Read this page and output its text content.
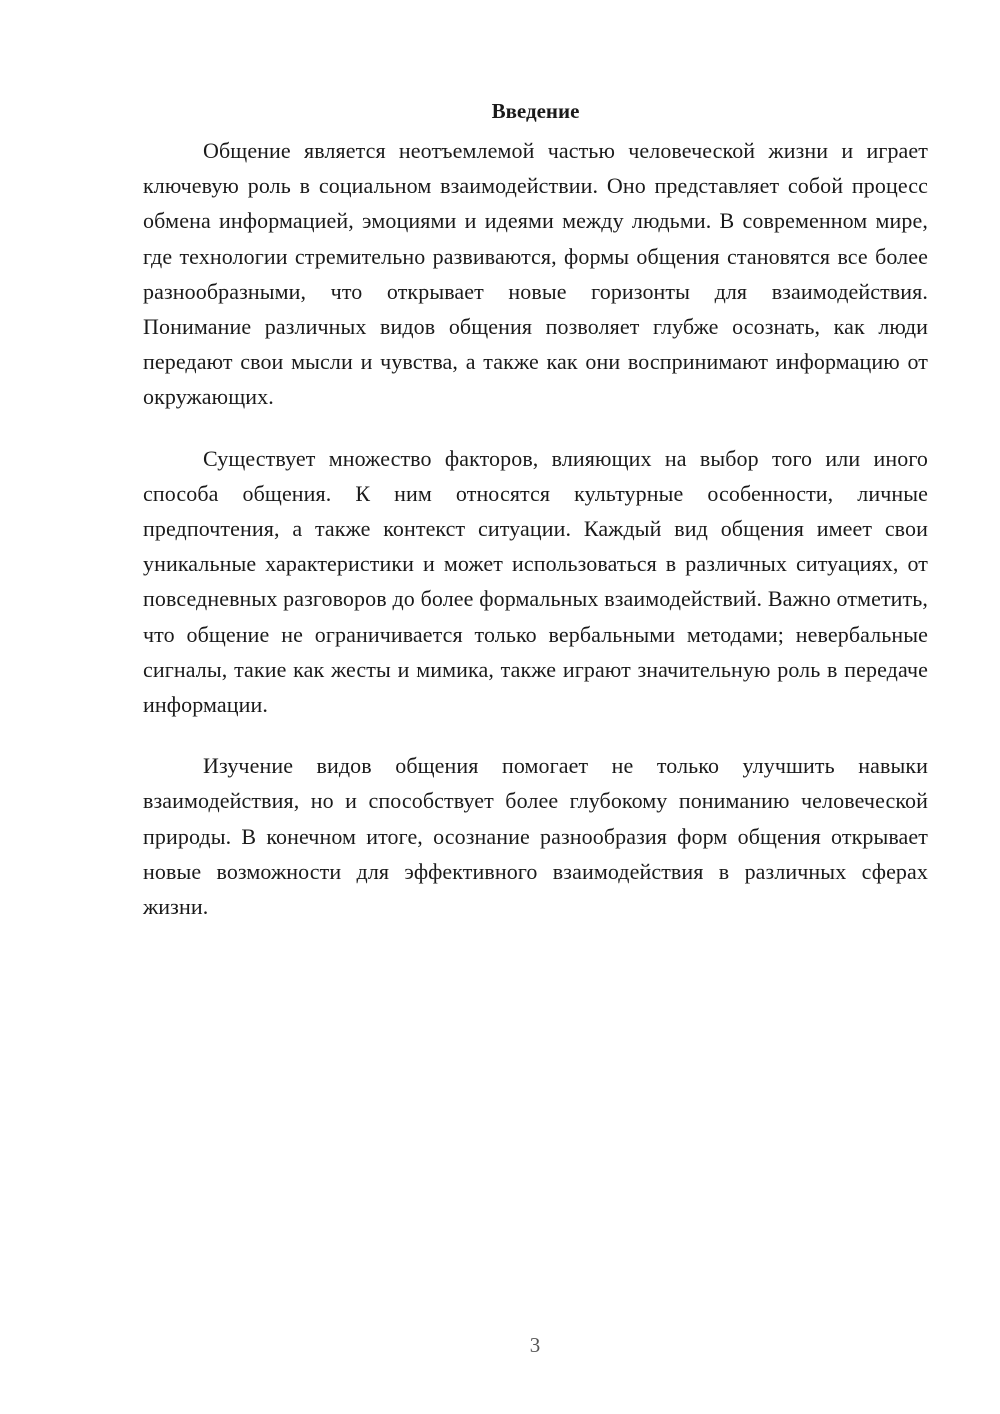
Введение

Общение является неотъемлемой частью человеческой жизни и играет ключевую роль в социальном взаимодействии. Оно представляет собой процесс обмена информацией, эмоциями и идеями между людьми. В современном мире, где технологии стремительно развиваются, формы общения становятся все более разнообразными, что открывает новые горизонты для взаимодействия. Понимание различных видов общения позволяет глубже осознать, как люди передают свои мысли и чувства, а также как они воспринимают информацию от окружающих.

Существует множество факторов, влияющих на выбор того или иного способа общения. К ним относятся культурные особенности, личные предпочтения, а также контекст ситуации. Каждый вид общения имеет свои уникальные характеристики и может использоваться в различных ситуациях, от повседневных разговоров до более формальных взаимодействий. Важно отметить, что общение не ограничивается только вербальными методами; невербальные сигналы, такие как жесты и мимика, также играют значительную роль в передаче информации.

Изучение видов общения помогает не только улучшить навыки взаимодействия, но и способствует более глубокому пониманию человеческой природы. В конечном итоге, осознание разнообразия форм общения открывает новые возможности для эффективного взаимодействия в различных сферах жизни.

3
